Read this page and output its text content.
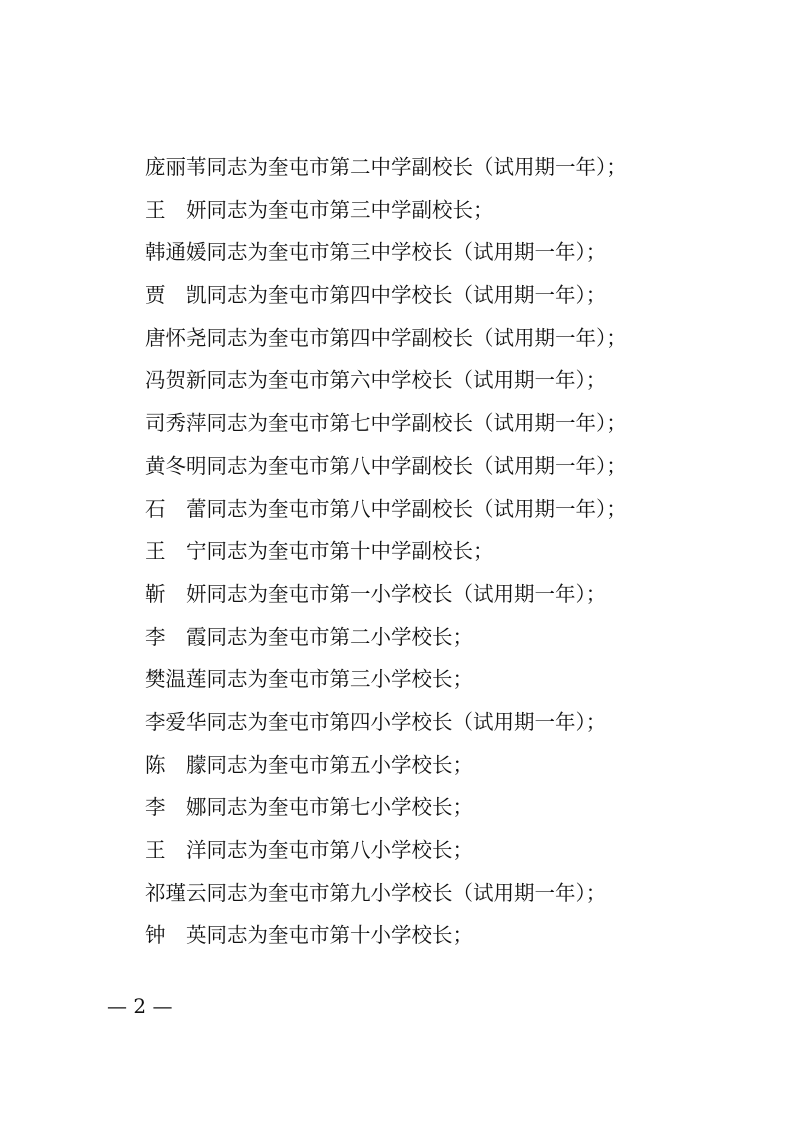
庞丽苇 同志为奎屯市第二中学副校长（试用期一年）；
王　妍 同志为奎屯市第三中学副校长；
韩通媛 同志为奎屯市第三中学校长（试用期一年）；
贾　凯 同志为奎屯市第四中学校长（试用期一年）；
唐怀尧 同志为奎屯市第四中学副校长（试用期一年）；
冯贺新 同志为奎屯市第六中学校长（试用期一年）；
司秀萍 同志为奎屯市第七中学副校长（试用期一年）；
黄冬明 同志为奎屯市第八中学副校长（试用期一年）；
石　蕾 同志为奎屯市第八中学副校长（试用期一年）；
王　宁 同志为奎屯市第十中学副校长；
靳　妍 同志为奎屯市第一小学校长（试用期一年）；
李　霞 同志为奎屯市第二小学校长；
樊温莲 同志为奎屯市第三小学校长；
李爱华 同志为奎屯市第四小学校长（试用期一年）；
陈　朦 同志为奎屯市第五小学校长；
李　娜 同志为奎屯市第七小学校长；
王　洋 同志为奎屯市第八小学校长；
祁瑾云 同志为奎屯市第九小学校长（试用期一年）；
钟　英 同志为奎屯市第十小学校长；
— 2 —
